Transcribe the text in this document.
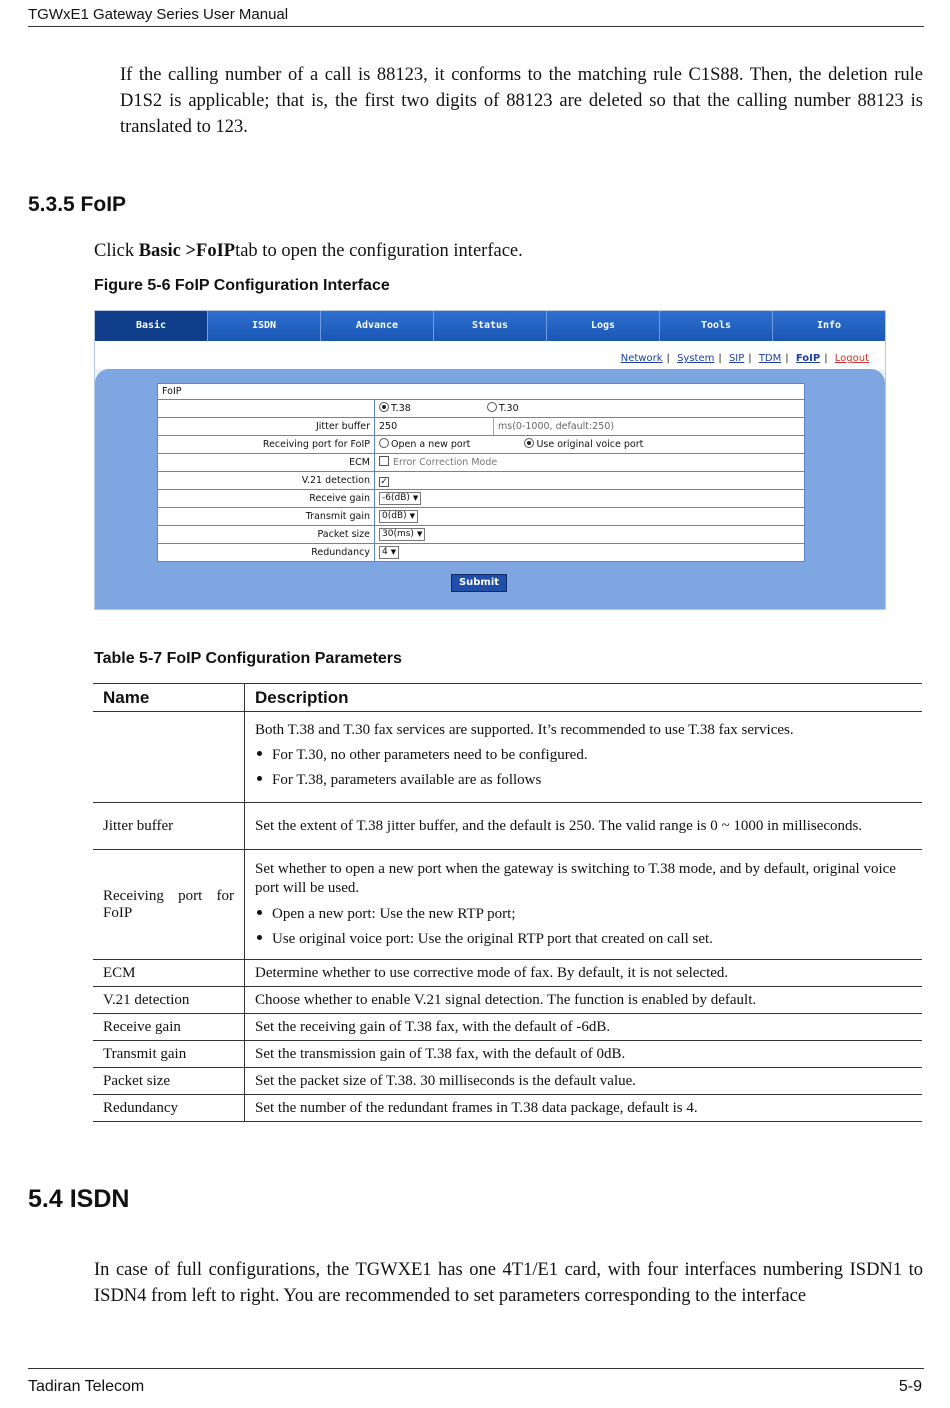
TGWxE1 Gateway Series User Manual
If the calling number of a call is 88123, it conforms to the matching rule C1S88. Then, the deletion rule D1S2 is applicable; that is, the first two digits of 88123 are deleted so that the calling number 88123 is translated to 123.
5.3.5 FoIP
Click Basic >FoIPtab to open the configuration interface.
Figure 5-6 FoIP Configuration Interface
Basic	ISDN	Advance	Status	Logs	Tools	Info
Network | System | SIP | TDM | FoIP | Logout
FoIP
T.38	T.30
Jitter buffer 250	ms(0-1000, default:250)
Receiving port for FoIP	Open a new port	Use original voice port
ECM	Error Correction Mode
V.21 detection	✓
Receive gain	-6(dB) ▼
Transmit gain	0(dB) ▼
Packet size	30(ms) ▼
Redundancy	4 ▼
Submit
Table 5-7 FoIP Configuration Parameters
Name	Description

	Both T.38 and T.30 fax services are supported. It’s recommended to use T.38 fax services.
For T.30, no other parameters need to be configured.
For T.38, parameters available are as follows

Jitter buffer	Set the extent of T.38 jitter buffer, and the default is 250. The valid range is 0 ~ 1000 in milliseconds.
Receiving port for FoIP	Set whether to open a new port when the gateway is switching to T.38 mode, and by default, original voice port will be used.
Open a new port: Use the new RTP port;
Use original voice port: Use the original RTP port that created on call set.

ECM	Determine whether to use corrective mode of fax. By default, it is not selected.
V.21 detection	Choose whether to enable V.21 signal detection. The function is enabled by default.
Receive gain	Set the receiving gain of T.38 fax, with the default of -6dB.
Transmit gain	Set the transmission gain of T.38 fax, with the default of 0dB.
Packet size	Set the packet size of T.38. 30 milliseconds is the default value.
Redundancy	Set the number of the redundant frames in T.38 data package, default is 4.
5.4 ISDN
In case of full configurations, the TGWXE1 has one 4T1/E1 card, with four interfaces numbering ISDN1 to ISDN4 from left to right. You are recommended to set parameters corresponding to the interface
Tadiran Telecom	5-9
